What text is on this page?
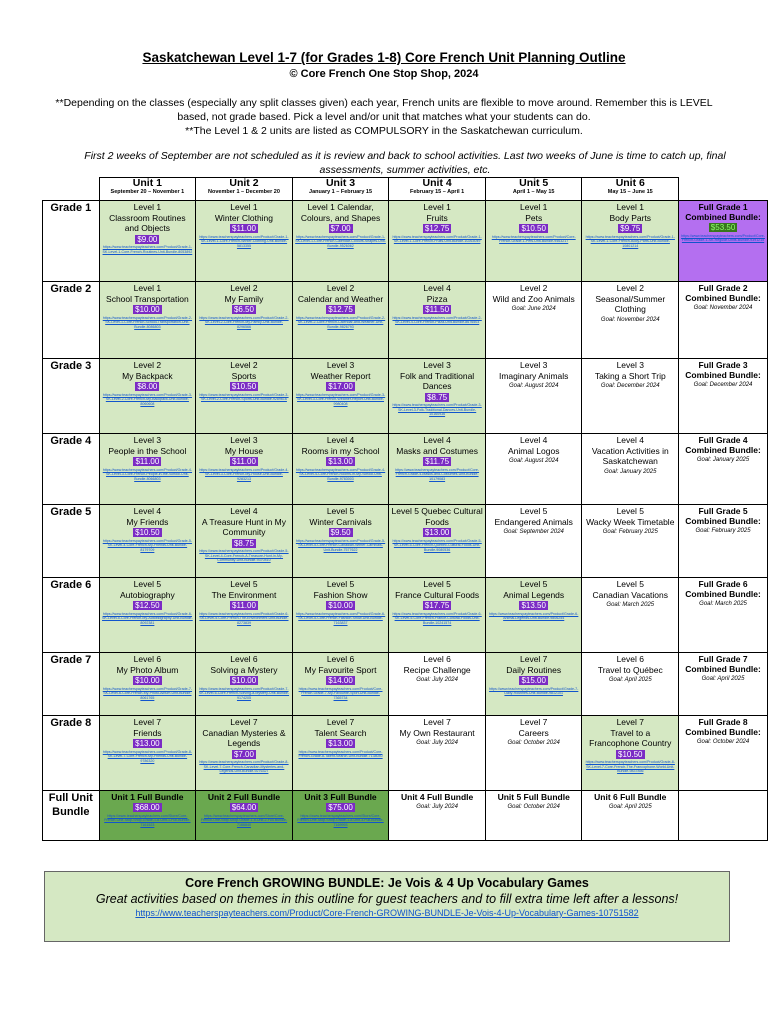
Saskatchewan Level 1-7 (for Grades 1-8) Core French Unit Planning Outline
© Core French One Stop Shop, 2024
**Depending on the classes (especially any split classes given) each year, French units are flexible to move around. Remember this is LEVEL based, not grade based. Pick a level and/or unit that matches what your students can do.
**The Level 1 & 2 units are listed as COMPULSORY in the Saskatchewan curriculum.
First 2 weeks of September are not scheduled as it is review and back to school activities. Last two weeks of June is time to catch up, final assessments, summer activities, etc.
	Unit 1
September 20 – November 1	Unit 2
November 1 – December 20	Unit 3
January 1 – February 15	Unit 4
February 15 – April 1	Unit 5
April 1 – May 15	Unit 6
May 15 – June 15	

Grade 1	Level 1
Classroom Routines and Objects
$9.00
https://www.teacherspayteachers.com/Product/Grade-1-SK-Level-1-Core-French-Routines-Unit-Bundle-8053892	Level 1
Winter Clothing
$11.00
https://www.teacherspayteachers.com/Product/Grade-1-SK-Level-1-Core-French-Winter-Clothing-Unit-Bundle-5813355	Level 1 Calendar, Colours, and Shapes
$7.00
https://www.teacherspayteachers.com/Product/Grade-1-SK-Level-1-Core-French-Calendar-Colours-Shapes-Unit-Bundle-9526062	Level 1
Fruits
$12.75
https://www.teacherspayteachers.com/Product/Grade-1-SK-Level-1-Core-French-Fruits-Unit-Bundle-10263049	Level 1
Pets
$10.50
https://www.teacherspayteachers.com/Product/Core-French-Grade-1-Pets-Unit-Bundle-9463217	Level 1
Body Parts
$9.75
https://www.teacherspayteachers.com/Product/Grade-1-SK-Level-1-Core-French-Body-Parts-Unit-Bundle-10801214	Full Grade 1 Combined Bundle:
$53.50
https://www.teacherspayteachers.com/Product/Core-French-Grade-1-SK-Regular-Units-Bundle-9391215

Grade 2	Level 1
School Transportation
$10.00
https://www.teacherspayteachers.com/Product/Grade-2-SK-Level-1-Core-French-School-Transportation-Unit-Bundle-8086803	Level 2
My Family
$6.50
https://www.teacherspayteachers.com/Product/Grade-2-SK-Level-2-Core-French-My-Family-Unit-Bundle-8296566	Level 2
Calendar and Weather
$12.75
https://www.teacherspayteachers.com/Product/Grade-2-SK-Level-2-Core-French-Calendar-and-Weather-Unit-Bundle-9826793	Level 4
Pizza
$11.50
https://www.teacherspayteachers.com/Product/Grade-2-SK-Level-4-Core-French-Pizza-Unit-Bundle-8676503	Level 2
Wild and Zoo Animals
Goal: June 2024	Level 2
Seasonal/Summer Clothing
Goal: November 2024	Full Grade 2 Combined Bundle:
Goal: November 2024

Grade 3	Level 2
My Backpack
$8.00
https://www.teacherspayteachers.com/Product/Grade-3-SK-Level-2-Core-French-My-Backpack-Unit-Bundle-8060608	Level 2
Sports
$10.50
https://www.teacherspayteachers.com/Product/Grade-3-SK-Level-2-Core-French-Sports-Unit-Bundle-9289616	Level 3
Weather Report
$17.00
https://www.teacherspayteachers.com/Product/Grade-3-SK-Level-3-Core-French-Weather-Report-Unit-Bundle-9980408	Level 3
Folk and Traditional Dances
$8.75
https://www.teacherspayteachers.com/Product/Grade-3-SK-Level-3-Folk-Traditional-Dances-Unit-Bundle-10160936	Level 3
Imaginary Animals
Goal: August 2024	Level 3
Taking a Short Trip
Goal: December 2024	Full Grade 3 Combined Bundle:
Goal: December 2024

Grade 4	Level 3
People in the School
$11.00
https://www.teacherspayteachers.com/Product/Grade-4-SK-Level-3-Core-French-People-in-the-School-Unit-Bundle-8066803	Level 3
My House
$11.00
https://www.teacherspayteachers.com/Product/Grade-4-SK-Level-3-Core-French-My-House-Unit-Bundle-9283213	Level 4
Rooms in my School
$13.00
https://www.teacherspayteachers.com/Product/Grade-4-SK-Level-4-Core-French-Rooms-in-My-School-Unit-Bundle-9783003	Level 4
Masks and Costumes
$11.75
https://www.teacherspayteachers.com/Product/Core-French-Grade-4-Masks-and-Costumes-Unit-Bundle-10179083	Level 4
Animal Logos
Goal: August 2024	Level 4
Vacation Activities in Saskatchewan
Goal: January 2025	Full Grade 4 Combined Bundle:
Goal: January 2025

Grade 5	Level 4
My Friends
$10.50
https://www.teacherspayteachers.com/Product/Grade-5-SK-Level-4-Core-French-My-Friends-Unit-Bundle-8179709	Level 4
A Treasure Hunt in My Community
$8.75
https://www.teacherspayteachers.com/Product/Grade-5-SK-Level-4-Core-French-A-Treasure-Hunt-in-My-Community-Unit-Bundle-9370410	Level 5
Winter Carnivals
$9.50
https://www.teacherspayteachers.com/Product/Grade-5-SK-Level-5-Core-French-Canadian-Winter-Carnivals-Unit-Bundle-7577622	Level 5 Quebec Cultural Foods
$13.00
https://www.teacherspayteachers.com/Product/Grade-5-SK-Level-5-Core-French-Quebec-Cultural-Foods-Unit-Bundle-9080536	Level 5
Endangered Animals
Goal: September 2024	Level 5
Wacky Week Timetable
Goal: February 2025	Full Grade 5 Combined Bundle:
Goal: February 2025

Grade 6	Level 5
Autobiography
$12.50
https://www.teacherspayteachers.com/Product/Grade-6-SK-Level-5-Core-French-My-Autobiography-Unit-Bundle-8092381	Level 5
The Environment
$11.00
https://www.teacherspayteachers.com/Product/Grade-6-SK-Level-5-Core-French-The-Environment-Unit-Bundle-8273839	Level 5
Fashion Show
$10.00
https://www.teacherspayteachers.com/Product/Grade-6-SK-Level-5-Core-French-Fashion-Show-Unit-Bundle-7163837	Level 5
France Cultural Foods
$17.75
https://www.teacherspayteachers.com/Product/Grade-6-SK-Level-5-Core-French-France-Cultural-Foods-Unit-Bundle-10241574	Level 5
Animal Legends
$13.50
https://www.teacherspayteachers.com/Product/Grade-6-Animal-Legends-Unit-Bundle-9806254	Level 5
Canadian Vacations
Goal: March 2025	Full Grade 6 Combined Bundle:
Goal: March 2025

Grade 7	Level 6
My Photo Album
$10.00
https://www.teacherspayteachers.com/Product/Grade-7-SK-Level-6-Core-French-My-Photo-Album-Unit-Bundle-8061765	Level 6
Solving a Mystery
$10.00
https://www.teacherspayteachers.com/Product/Grade-7-SK-Level-6-Core-French-Solving-a-Mystery-Unit-Bundle-9174205	Level 6
My Favourite Sport
$14.00
https://www.teacherspayteachers.com/Product/Core-French-Grade-7-My-Favourite-Sport-Unit-Bundle-7365734	Level 6
Recipe Challenge
Goal: July 2024	Level 7
Daily Routines
$15.00
https://www.teacherspayteachers.com/Product/Grade-7-Daily-Routines-Unit-Bundle-9812101	Level 6
Travel to Québec
Goal: April 2025	Full Grade 7 Combined Bundle:
Goal: April 2025

Grade 8	Level 7
Friends
$13.00
https://www.teacherspayteachers.com/Product/Grade-8-SK-Level-7-Core-French-My-Friends-Unit-Bundle-9786320	Level 7
Canadian Mysteries & Legends
$7.00
https://www.teacherspayteachers.com/Product/Grade-8-SK-Level-7-Core-French-Canadian-Mysteries-and-Legends-Unit-Bundle-9276327	Level 7
Talent Search
$13.00
https://www.teacherspayteachers.com/Product/Core-French-Grade-8-Talent-Search-Unit-Bundle-7138040	Level 7
My Own Restaurant
Goal: July 2024	Level 7
Careers
Goal: October 2024	Level 7
Travel to a Francophone Country
$10.50
https://www.teacherspayteachers.com/Product/Grade-8-SK-Level-7-Core-French-The-Francophone-World-Unit-Bundle-9837856	Full Grade 8 Combined Bundle:
Goal: October 2024

Full Unit Bundle	Unit 1 Full Bundle
$68.00
https://www.teacherspayteachers.com/Store/Core-French-One-Stop-Shop-Grade-1-8-Unit-1-Full-Bundle-7161523	Unit 2 Full Bundle
$64.00
https://www.teacherspayteachers.com/Store/Core-French-One-Stop-Shop-Grade-1-8-Unit-2-Full-Bundle-7166840	Unit 3 Full Bundle
$75.00
https://www.teacherspayteachers.com/Store/Core-French-One-Stop-Shop-Grade-1-8-Unit-3-Full-Bundle-7169993	Unit 4 Full Bundle
Goal: July 2024	Unit 5 Full Bundle
Goal: October 2024	Unit 6 Full Bundle
Goal: April 2025	

Core French GROWING BUNDLE: Je Vois & 4 Up Vocabulary Games
Great activities based on themes in this outline for guest teachers and to fill extra time left after a lessons!
https://www.teacherspayteachers.com/Product/Core-French-GROWING-BUNDLE-Je-Vois-4-Up-Vocabulary-Games-10751582
